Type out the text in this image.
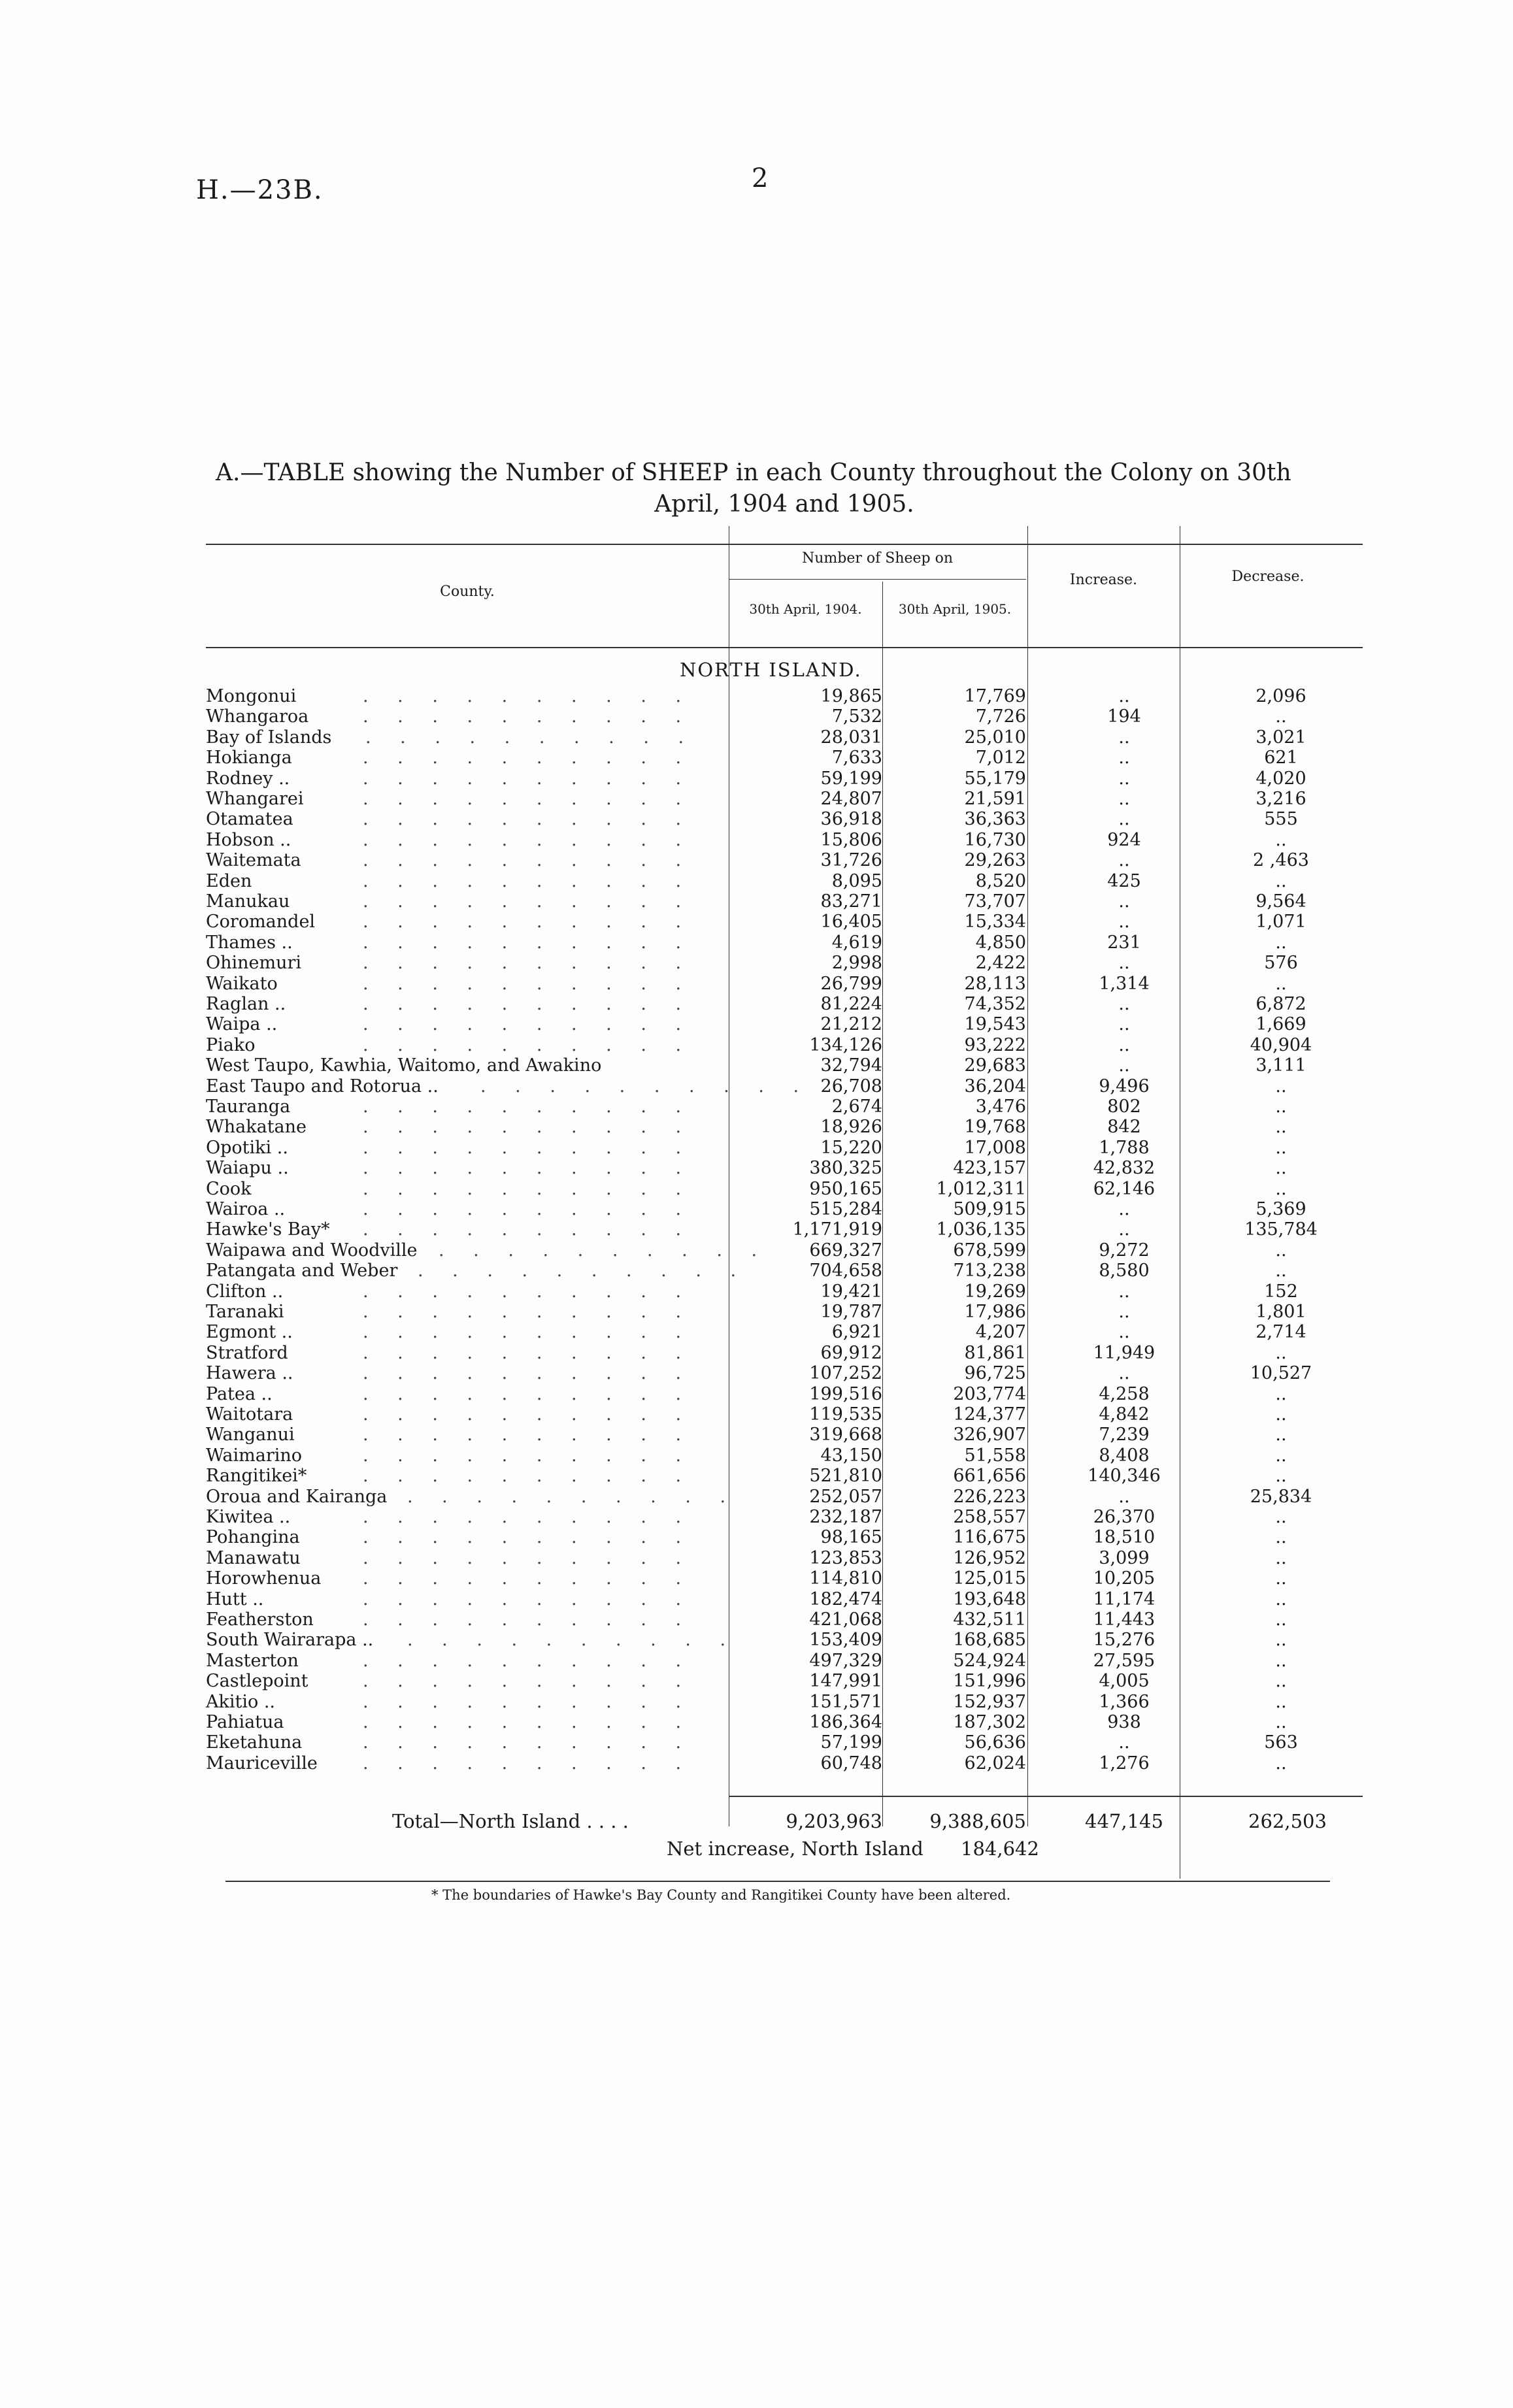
H.—23B.	2
A.—TABLE showing the Number of SHEEP in each County throughout the Colony on 30th
April, 1904 and 1905.
County.
Number of Sheep on
30th April, 1904.	30th April, 1905.
Increase.	Decrease.
NORTH ISLAND.
Mongonui	19,865	17,769	..	2,096
. . . . . . . . . .
Whangaroa	7,532	7,726	194	..
. . . . . . . . . .
Bay of Islands	28,031	25,010	..	3,021
. . . . . . . . . .
Hokianga	7,633	7,012	..	621
. . . . . . . . . .
Rodney ..	59,199	55,179	..	4,020
. . . . . . . . . .
Whangarei	24,807	21,591	..	3,216
. . . . . . . . . .
Otamatea	36,918	36,363	..	555
. . . . . . . . . .
Hobson ..	15,806	16,730	924	..
. . . . . . . . . .
Waitemata	31,726	29,263	..	2 ,463
. . . . . . . . . .
Eden	8,095	8,520	425	..
. . . . . . . . . .
Manukau	83,271	73,707	..	9,564
. . . . . . . . . .
Coromandel	16,405	15,334	..	1,071
. . . . . . . . . .
Thames ..	4,619	4,850	231	..
. . . . . . . . . .
Ohinemuri	2,998	2,422	..	576
. . . . . . . . . .
Waikato	26,799	28,113	1,314	..
. . . . . . . . . .
Raglan ..	81,224	74,352	..	6,872
. . . . . . . . . .
Waipa ..	21,212	19,543	..	1,669
. . . . . . . . . .
Piako	134,126	93,222	..	40,904
. . . . . . . . . .
West Taupo, Kawhia, Waitomo, and Awakino	32,794	29,683	..	3,111
East Taupo and Rotorua ..	26,708	36,204	9,496	..
. . . . . . . . . .
Tauranga	2,674	3,476	802	..
. . . . . . . . . .
Whakatane	18,926	19,768	842	..
. . . . . . . . . .
Opotiki ..	15,220	17,008	1,788	..
. . . . . . . . . .
Waiapu ..	380,325	423,157	42,832	..
. . . . . . . . . .
Cook	950,165	1,012,311	62,146	..
. . . . . . . . . .
Wairoa ..	515,284	509,915	..	5,369
. . . . . . . . . .
Hawke's Bay*	1,171,919	1,036,135	..	135,784
. . . . . . . . . .
Waipawa and Woodville	669,327	678,599	9,272	..
. . . . . . . . . .
Patangata and Weber	704,658	713,238	8,580	..
. . . . . . . . . .
Clifton ..	19,421	19,269	..	152
. . . . . . . . . .
Taranaki	19,787	17,986	..	1,801
. . . . . . . . . .
Egmont ..	6,921	4,207	..	2,714
. . . . . . . . . .
Stratford	69,912	81,861	11,949	..
. . . . . . . . . .
Hawera ..	107,252	96,725	..	10,527
. . . . . . . . . .
Patea ..	199,516	203,774	4,258	..
. . . . . . . . . .
Waitotara	119,535	124,377	4,842	..
. . . . . . . . . .
Wanganui	319,668	326,907	7,239	..
. . . . . . . . . .
Waimarino	43,150	51,558	8,408	..
. . . . . . . . . .
Rangitikei*	521,810	661,656	140,346	..
. . . . . . . . . .
Oroua and Kairanga	252,057	226,223	..	25,834
. . . . . . . . . .
Kiwitea ..	232,187	258,557	26,370	..
. . . . . . . . . .
Pohangina	98,165	116,675	18,510	..
. . . . . . . . . .
Manawatu	123,853	126,952	3,099	..
. . . . . . . . . .
Horowhenua	114,810	125,015	10,205	..
. . . . . . . . . .
Hutt ..	182,474	193,648	11,174	..
. . . . . . . . . .
Featherston	421,068	432,511	11,443	..
. . . . . . . . . .
South Wairarapa ..	153,409	168,685	15,276	..
. . . . . . . . . .
Masterton	497,329	524,924	27,595	..
. . . . . . . . . .
Castlepoint	147,991	151,996	4,005	..
. . . . . . . . . .
Akitio ..	151,571	152,937	1,366	..
. . . . . . . . . .
Pahiatua	186,364	187,302	938	..
. . . . . . . . . .
Eketahuna	57,199	56,636	..	563
. . . . . . . . . .
Mauriceville	60,748	62,024	1,276	..
. . . . . . . . . .
Total—North Island . . . .	9,203,963	9,388,605	447,145	262,503
Net increase, North Island 184,642
* The boundaries of Hawke's Bay County and Rangitikei County have been altered.
